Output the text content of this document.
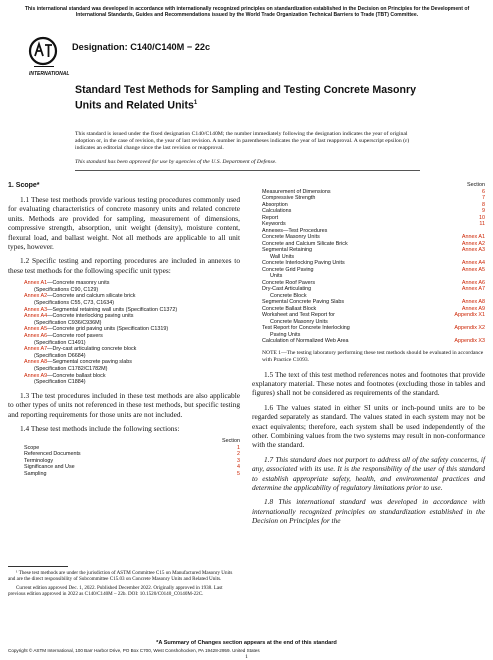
This international standard was developed in accordance with internationally recognized principles on standardization established in the Decision on Principles for the Development of International Standards, Guides and Recommendations issued by the World Trade Organization Technical Barriers to Trade (TBT) Committee.
INTERNATIONAL
Designation: C140/C140M − 22c
Standard Test Methods for Sampling and Testing Concrete Masonry Units and Related Units$^1$
This standard is issued under the fixed designation C140/C140M; the number immediately following the designation indicates the year of original adoption or, in the case of revision, the year of last revision. A number in parentheses indicates the year of last reapproval. A superscript epsilon (ε) indicates an editorial change since the last revision or reapproval.
This standard has been approved for use by agencies of the U.S. Department of Defense.
1. Scope*

1.1 These test methods provide various testing procedures commonly used for evaluating characteristics of concrete masonry units and related concrete units. Methods are provided for sampling, measurement of dimensions, compressive strength, absorption, unit weight (density), moisture content, flexural load, and ballast weight. Not all methods are applicable to all unit types, however.

1.2 Specific testing and reporting procedures are included in annexes to these test methods for the following specific unit types:

Annex A1—Concrete masonry units
(Specifications C90, C129)
Annex A2—Concrete and calcium silicate brick
(Specifications C55, C73, C1634)
Annex A3—Segmental retaining wall units (Specification C1372)
Annex A4—Concrete interlocking paving units
(Specification C936/C936M)
Annex A5—Concrete grid paving units (Specification C1319)
Annex A6—Concrete roof pavers
(Specification C1491)
Annex A7—Dry-cast articulating concrete block
(Specification D6684)
Annex A8—Segmental concrete paving slabs
(Specification C1782/C1782M)
Annex A9—Concrete ballast block
(Specification C1884)

1.3 The test procedures included in these test methods are also applicable to other types of units not referenced in these test methods, but specific testing and reporting requirements for those units are not included.

1.4 These test methods include the following sections:

Section
Scope	1
Referenced Documents	2
Terminology	3
Significance and Use	4
Sampling	5
Section
Measurement of Dimensions	6
Compressive Strength	7
Absorption	8
Calculations	9
Report	10
Keywords	11
Annexes—Test Procedures
Concrete Masonry Units	Annex A1
Concrete and Calcium Silicate Brick	Annex A2
Segmental Retaining	Annex A3
Wall Units
Concrete Interlocking Paving Units	Annex A4
Concrete Grid Paving	Annex A5
Units
Concrete Roof Pavers	Annex A6
Dry-Cast Articulating	Annex A7
Concrete Block
Segmental Concrete Paving Slabs	Annex A8
Concrete Ballast Block	Annex A9
Worksheet and Test Report for	Appendix X1
Concrete Masonry Units
Test Report for Concrete Interlocking	Appendix X2
Paving Units
Calculation of Normalized Web Area	Appendix X3

NOTE 1—The testing laboratory performing these test methods should be evaluated in accordance with Practice C1093.

1.5 The text of this test method references notes and footnotes that provide explanatory material. These notes and footnotes (excluding those in tables and figures) shall not be considered as requirements of the standard.

1.6 The values stated in either SI units or inch-pound units are to be regarded separately as standard. The values stated in each system may not be exact equivalents; therefore, each system shall be used independently of the other. Combining values from the two systems may result in non-conformance with the standard.

1.7 This standard does not purport to address all of the safety concerns, if any, associated with its use. It is the responsibility of the user of this standard to establish appropriate safety, health, and environmental practices and determine the applicability of regulatory limitations prior to use.

1.8 This international standard was developed in accordance with internationally recognized principles on standardization established in the Decision on Principles for the

¹ These test methods are under the jurisdiction of ASTM Committee C15 on Manufactured Masonry Units and are the direct responsibility of Subcommittee C15.03 on Concrete Masonry Units and Related Units.

Current edition approved Dec. 1, 2022. Published December 2022. Originally approved in 1938. Last previous edition approved in 2022 as C140/C140M – 22b. DOI: 10.1520/C0140_C0140M-22C.

*A Summary of Changes section appears at the end of this standard
Copyright © ASTM International, 100 Barr Harbor Drive, PO Box C700, West Conshohocken, PA 19428-2959. United States
1
